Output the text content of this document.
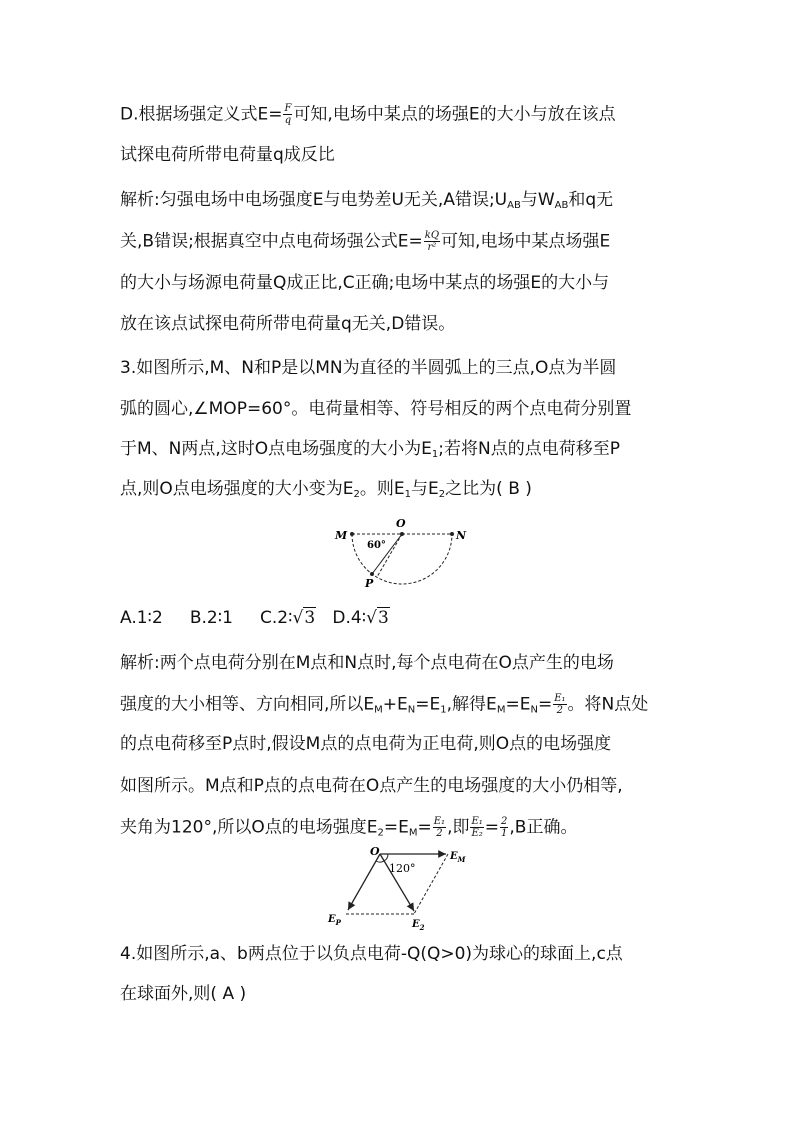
D.根据场强定义式$E= \frac{F}{q}$ 可知,电场中某点的场强E的大小与放在该点
试探电荷所带电荷量q成反比
解析:匀强电场中电场强度E与电势差U无关,A错误$;U_{AB}$与$W_{AB}$和q无
关,B错误;根据真空中点电荷场强公式$E= \frac{kQ}{\text{r²}}$ 可知,电场中某点场强E
的大小与场源电荷量Q成正比,C正确;电场中某点的场强E的大小与
放在该点试探电荷所带电荷量q无关,D错误。
3.如图所示,M、N和P是以MN为直径的半圆弧上的三点,O点为半圆
弧的圆心,∠MOP=60°。电荷量相等、符号相反的两个点电荷分别置
于M、N两点,这时O点电场强度的大小为$E_1$;若将N点的点电荷移至P
点,则O点电场强度的大小变为$E_2$。则$E_1$与$E_2$之比为( B )
M
O
N
P
60°
A.1∶2 B.2∶1 C.2∶√3 D.4∶√3
解析:两个点电荷分别在M点和N点时,每个点电荷在O点产生的电场
强度的大小相等、方向相同,所以$E_M+E_N=E_1$,解得$E_M=E_N= \frac{\text{E₁}}{2}$ 。将N点处
的点电荷移至P点时,假设M点的点电荷为正电荷,则O点的电场强度
如图所示。M点和P点的点电荷在O点产生的电场强度的大小仍相等,
夹角为120°,所以O点的电场强度$E_2=E_M= \frac{\text{E₁}}{2}$ ,即 $\frac{\text{E₁}}{\text{E₂}} = \frac{2}{1} ,B$正确。
O
120°
$E_M$
$E_P$	$E_2$
4.如图所示,a、b两点位于以负点电荷-Q(Q>0)为球心的球面上,c点
在球面外,则( A )
